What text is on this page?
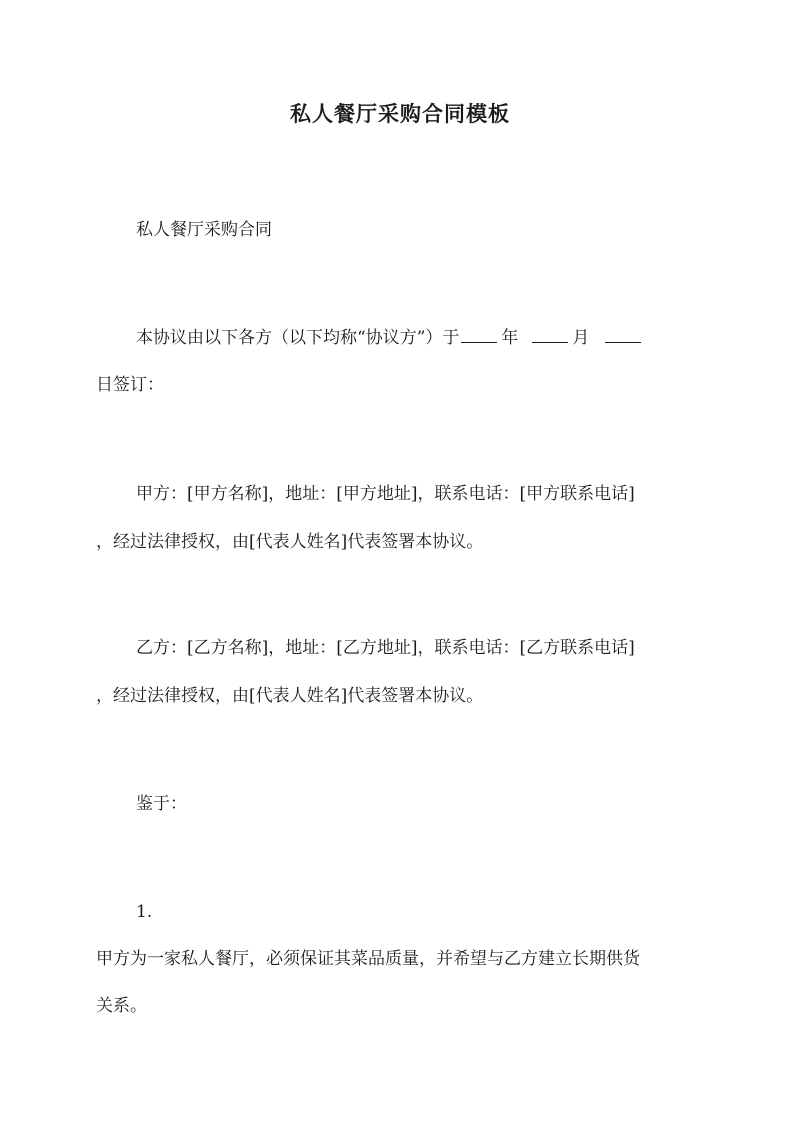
私人餐厅采购合同模板

私人餐厅采购合同

本协议由以下各方（以下均称“协议方”）于 年	月

日签订：

甲方：[甲方名称]，地址：[甲方地址]，联系电话：[甲方联系电话]

，经过法律授权，由[代表人姓名]代表签署本协议。

乙方：[乙方名称]，地址：[乙方地址]，联系电话：[乙方联系电话]

，经过法律授权，由[代表人姓名]代表签署本协议。

鉴于：

1.

甲方为一家私人餐厅，必须保证其菜品质量，并希望与乙方建立长期供货

关系。
